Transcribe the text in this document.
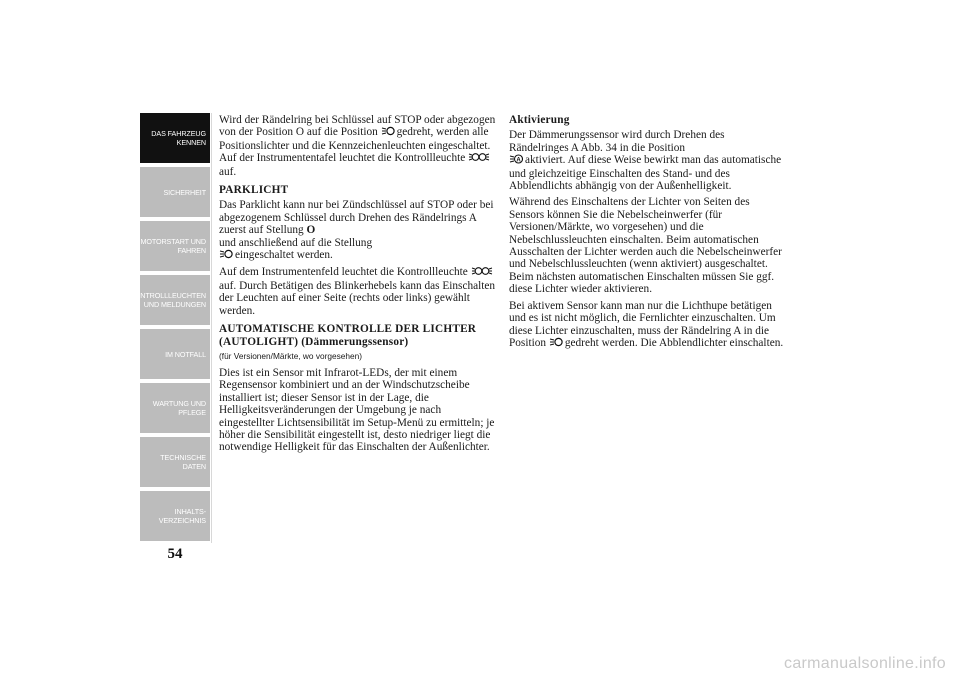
DAS FAHRZEUG
KENNEN
SICHERHEIT
MOTORSTART UND
FAHREN
KONTROLLLEUCHTEN
UND MELDUNGEN
IM NOTFALL
WARTUNG UND
PFLEGE
TECHNISCHE
DATEN
INHALTS-
VERZEICHNIS
54

Wird der Rändelring bei Schlüssel auf STOP oder abgezogen von der Position O auf die Position gedreht, werden alle Positionslichter und die Kennzeichenleuchten eingeschaltet. Auf der Instrumententafel leuchtet die Kontrollleuchte auf.

PARKLICHT

Das Parklicht kann nur bei Zündschlüssel auf STOP oder bei abgezogenem Schlüssel durch Drehen des Rändelrings A zuerst auf Stellung O
und anschließend auf die Stellung
eingeschaltet werden.

Auf dem Instrumentenfeld leuchtet die Kontrollleuchte auf. Durch Betätigen des Blinkerhebels kann das Einschalten der Leuchten auf einer Seite (rechts oder links) gewählt werden.

AUTOMATISCHE KONTROLLE DER LICHTER (AUTOLIGHT) (Dämmerungssensor)
(für Versionen/Märkte, wo vorgesehen)

Dies ist ein Sensor mit Infrarot-LEDs, der mit einem Regensensor kombiniert und an der Windschutzscheibe installiert ist; dieser Sensor ist in der Lage, die Helligkeitsveränderungen der Umgebung je nach eingestellter Lichtsensibilität im Setup-Menü zu ermitteln; je höher die Sensibilität eingestellt ist, desto niedriger liegt die notwendige Helligkeit für das Einschalten der Außenlichter.

Aktivierung

Der Dämmerungssensor wird durch Drehen des Rändelringes A Abb. 34 in die Position

A aktiviert. Auf diese Weise bewirkt man das automatische und gleichzeitige Einschalten des Stand- und des Abblendlichts abhängig von der Außenhelligkeit.

Während des Einschaltens der Lichter von Seiten des Sensors können Sie die Nebelscheinwerfer (für Versionen/Märkte, wo vorgesehen) und die Nebelschlussleuchten einschalten. Beim automatischen Ausschalten der Lichter werden auch die Nebelscheinwerfer und Nebelschlussleuchten (wenn aktiviert) ausgeschaltet. Beim nächsten automatischen Einschalten müssen Sie ggf. diese Lichter wieder aktivieren.

Bei aktivem Sensor kann man nur die Lichthupe betätigen und es ist nicht möglich, die Fernlichter einzuschalten. Um diese Lichter einzuschalten, muss der Rändelring A in die Position gedreht werden. Die Abblendlichter einschalten.

carmanualsonline.info
